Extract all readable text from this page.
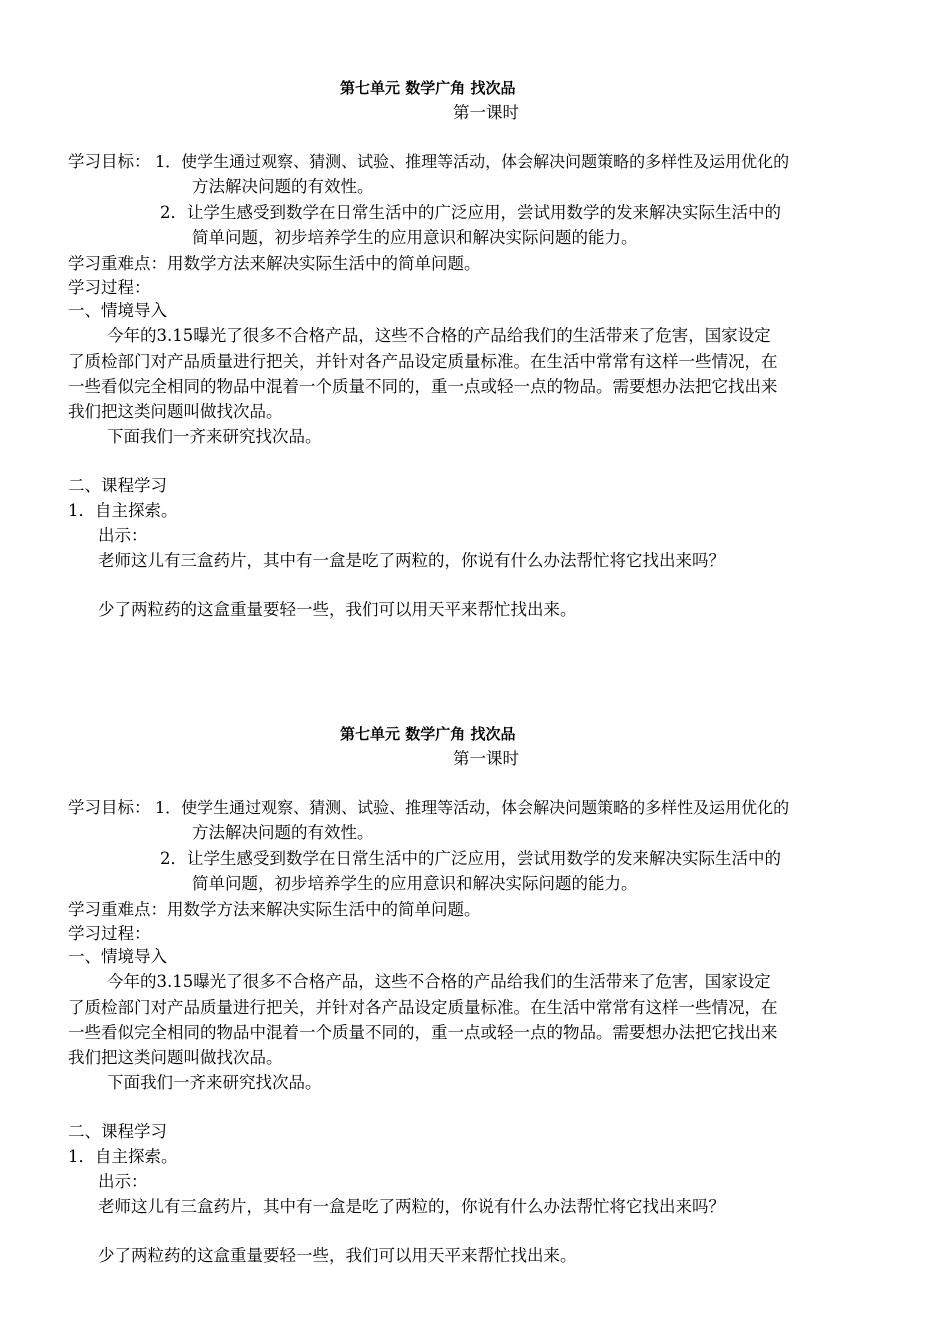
第七单元 数学广角 找次品
第一课时
学习目标： 1．使学生通过观察、猜测、试验、推理等活动，体会解决问题策略的多样性及运用优化的
方法解决问题的有效性。
2．让学生感受到数学在日常生活中的广泛应用，尝试用数学的发来解决实际生活中的
简单问题，初步培养学生的应用意识和解决实际问题的能力。
学习重难点：用数学方法来解决实际生活中的简单问题。
学习过程：
一、情境导入
今年的3.15曝光了很多不合格产品，这些不合格的产品给我们的生活带来了危害，国家设定
了质检部门对产品质量进行把关，并针对各产品设定质量标准。在生活中常常有这样一些情况，在
一些看似完全相同的物品中混着一个质量不同的，重一点或轻一点的物品。需要想办法把它找出来
我们把这类问题叫做找次品。
下面我们一齐来研究找次品。
二、课程学习
1．自主探索。
出示：
老师这儿有三盒药片，其中有一盒是吃了两粒的，你说有什么办法帮忙将它找出来吗？
少了两粒药的这盒重量要轻一些，我们可以用天平来帮忙找出来。
第七单元 数学广角 找次品
第一课时
学习目标： 1．使学生通过观察、猜测、试验、推理等活动，体会解决问题策略的多样性及运用优化的
方法解决问题的有效性。
2．让学生感受到数学在日常生活中的广泛应用，尝试用数学的发来解决实际生活中的
简单问题，初步培养学生的应用意识和解决实际问题的能力。
学习重难点：用数学方法来解决实际生活中的简单问题。
学习过程：
一、情境导入
今年的3.15曝光了很多不合格产品，这些不合格的产品给我们的生活带来了危害，国家设定
了质检部门对产品质量进行把关，并针对各产品设定质量标准。在生活中常常有这样一些情况，在
一些看似完全相同的物品中混着一个质量不同的，重一点或轻一点的物品。需要想办法把它找出来
我们把这类问题叫做找次品。
下面我们一齐来研究找次品。
二、课程学习
1．自主探索。
出示：
老师这儿有三盒药片，其中有一盒是吃了两粒的，你说有什么办法帮忙将它找出来吗？
少了两粒药的这盒重量要轻一些，我们可以用天平来帮忙找出来。
